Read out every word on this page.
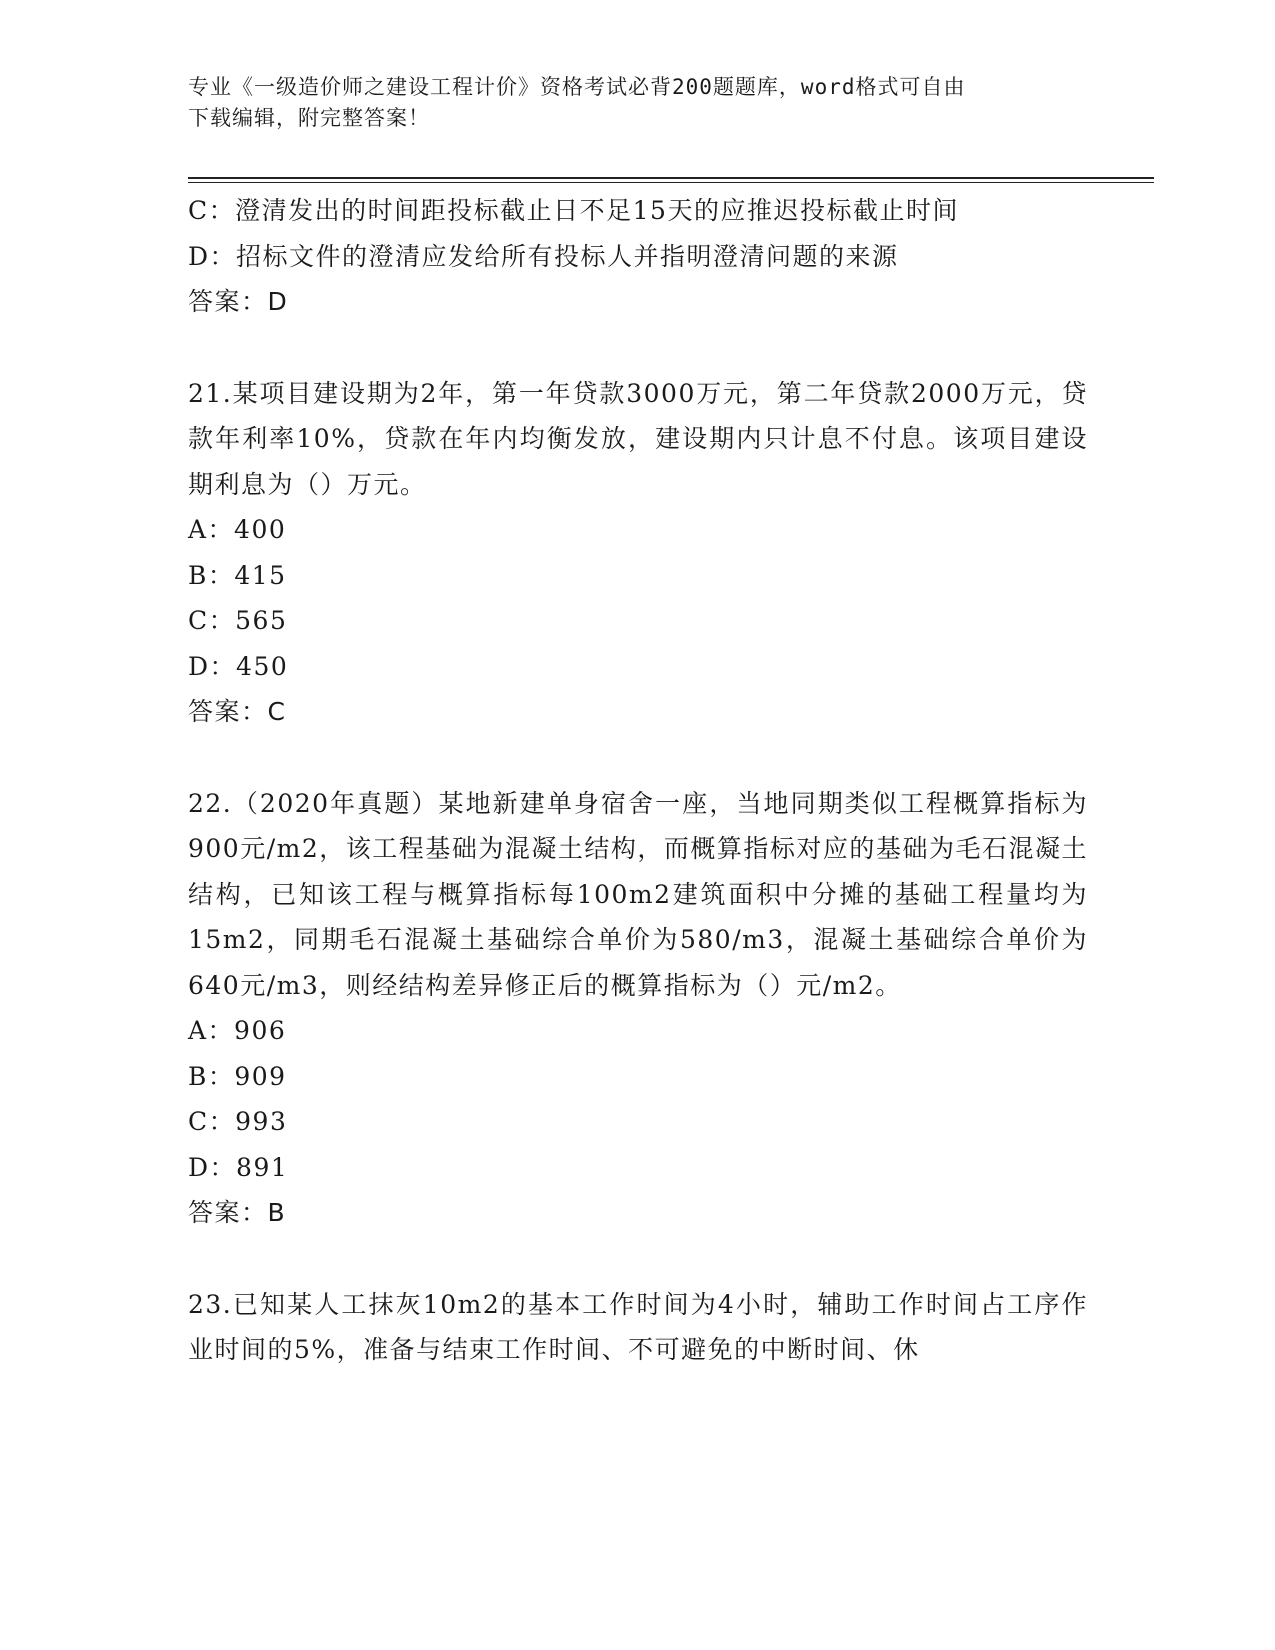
专业《一级造价师之建设工程计价》资格考试必背200题题库，word格式可自由
下载编辑，附完整答案！
C：澄清发出的时间距投标截止日不足15天的应推迟投标截止时间
D：招标文件的澄清应发给所有投标人并指明澄清问题的来源
答案：D
21.某项目建设期为2年，第一年贷款3000万元，第二年贷款2000万元，贷款年利率10%，贷款在年内均衡发放，建设期内只计息不付息。该项目建设期利息为（）万元。
A：400
B：415
C：565
D：450
答案：C
22.（2020年真题）某地新建单身宿舍一座，当地同期类似工程概算指标为900元/m2，该工程基础为混凝土结构，而概算指标对应的基础为毛石混凝土结构，已知该工程与概算指标每100m2建筑面积中分摊的基础工程量均为15m2，同期毛石混凝土基础综合单价为580/m3，混凝土基础综合单价为640元/m3，则经结构差异修正后的概算指标为（）元/m2。
A：906
B：909
C：993
D：891
答案：B
23.已知某人工抹灰10m2的基本工作时间为4小时，辅助工作时间占工序作业时间的5%，准备与结束工作时间、不可避免的中断时间、休
